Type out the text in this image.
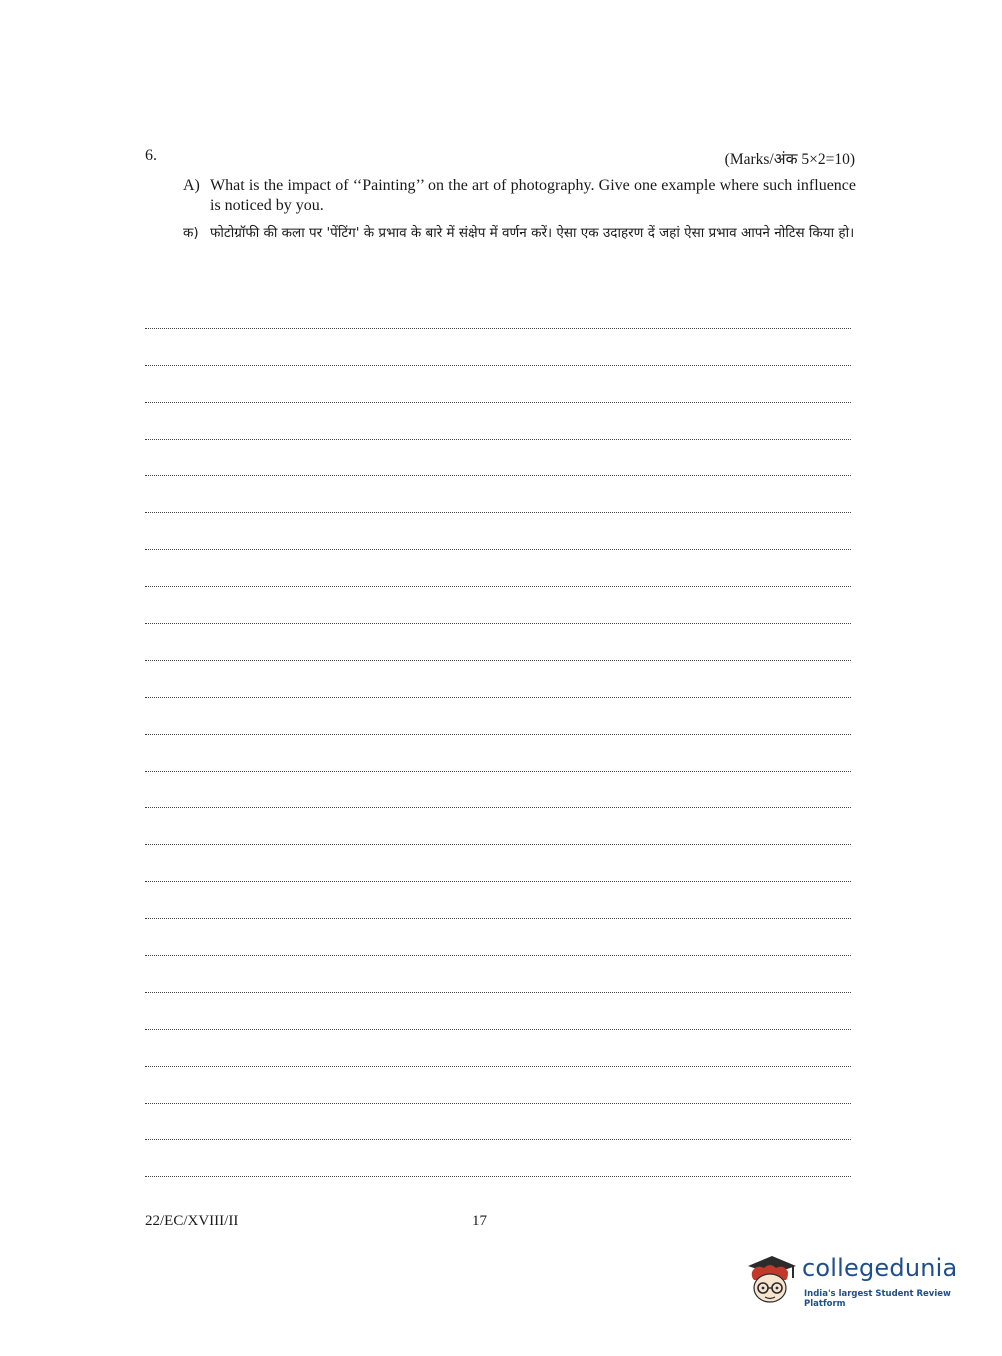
6.	(Marks/अंक 5×2=10)
A) What is the impact of ‘‘Painting’’ on the art of photography. Give one example where such influence is noticed by you.
क) फोटोग्रॉफी की कला पर 'पेंटिंग' के प्रभाव के बारे में संक्षेप में वर्णन करें। ऐसा एक उदाहरण दें जहां ऐसा प्रभाव आपने नोटिस किया हो।
22/EC/XVIII/II	17
collegedunia
India's largest Student Review Platform
